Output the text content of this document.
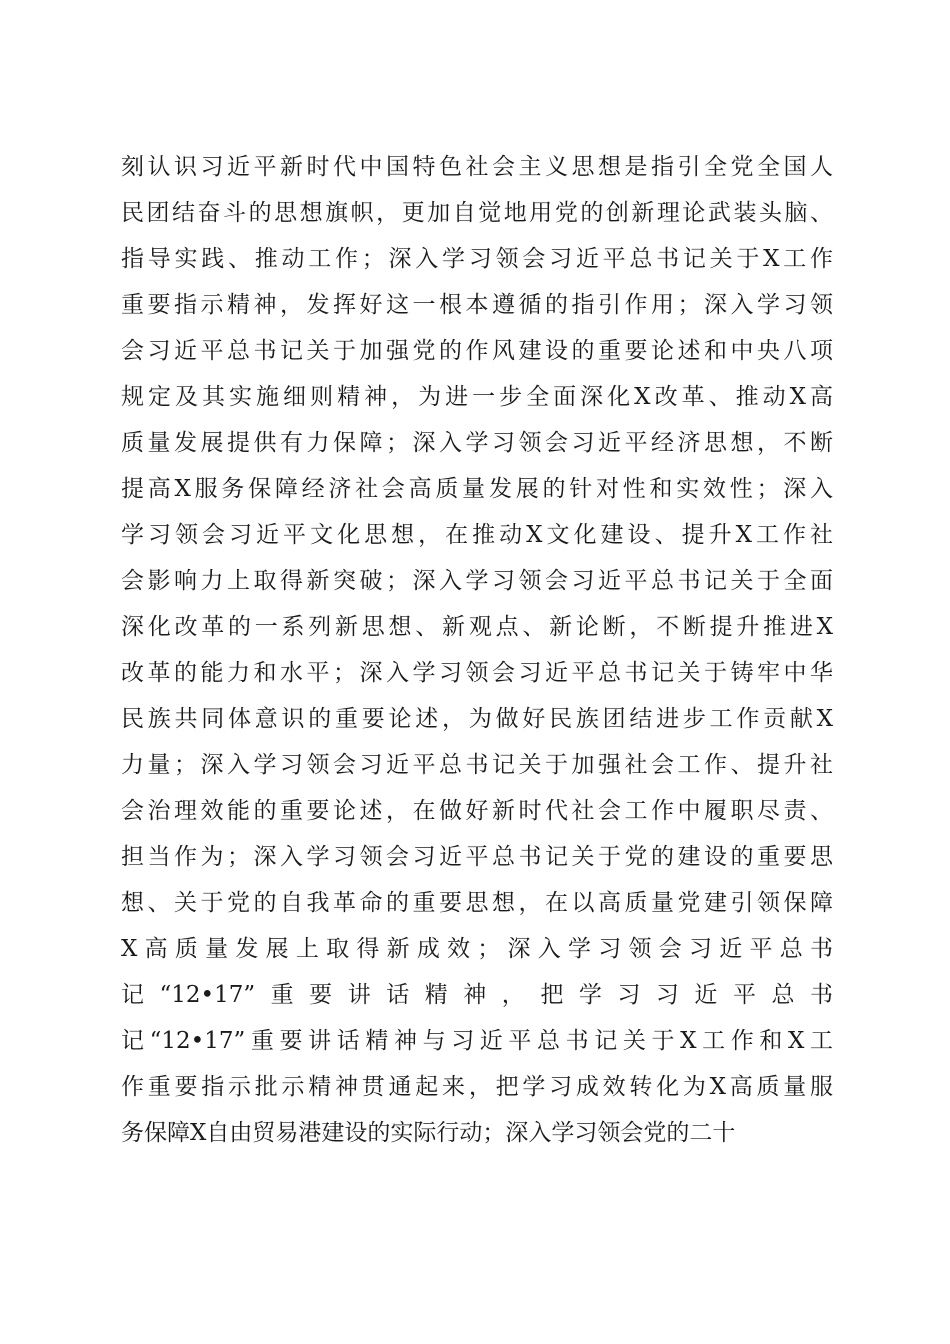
刻认识习近平新时代中国特色社会主义思想是指引全党全国人
民团结奋斗的思想旗帜，更加自觉地用党的创新理论武装头脑、
指导实践、推动工作；深入学习领会习近平总书记关于X工作
重要指示精神，发挥好这一根本遵循的指引作用；深入学习领
会习近平总书记关于加强党的作风建设的重要论述和中央八项
规定及其实施细则精神，为进一步全面深化X改革、推动X高
质量发展提供有力保障；深入学习领会习近平经济思想，不断
提高X服务保障经济社会高质量发展的针对性和实效性；深入
学习领会习近平文化思想，在推动X文化建设、提升X工作社
会影响力上取得新突破；深入学习领会习近平总书记关于全面
深化改革的一系列新思想、新观点、新论断，不断提升推进X
改革的能力和水平；深入学习领会习近平总书记关于铸牢中华
民族共同体意识的重要论述，为做好民族团结进步工作贡献X
力量；深入学习领会习近平总书记关于加强社会工作、提升社
会治理效能的重要论述，在做好新时代社会工作中履职尽责、
担当作为；深入学习领会习近平总书记关于党的建设的重要思
想、关于党的自我革命的重要思想，在以高质量党建引领保障
X高质量发展上取得新成效；深入学习领会习近平总书
记“12•17”重要讲话精神，把学习习近平总书
记“12•17”重要讲话精神与习近平总书记关于X工作和X工
作重要指示批示精神贯通起来，把学习成效转化为X高质量服
务保障X自由贸易港建设的实际行动；深入学习领会党的二十
